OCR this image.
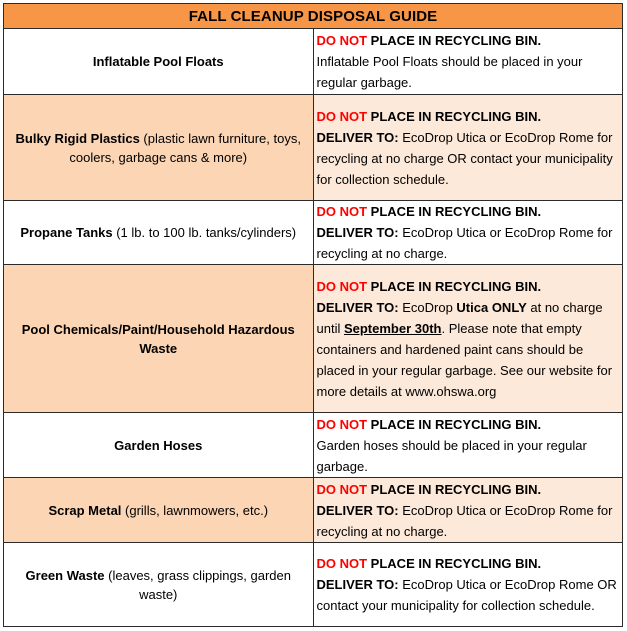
FALL CLEANUP DISPOSAL GUIDE	
Inflatable Pool Floats	DO NOT PLACE IN RECYCLING BIN.
Inflatable Pool Floats should be placed in your regular garbage.
Bulky Rigid Plastics (plastic lawn furniture, toys, coolers, garbage cans & more)	DO NOT PLACE IN RECYCLING BIN.
DELIVER TO: EcoDrop Utica or EcoDrop Rome for recycling at no charge OR contact your municipality for collection schedule.
Propane Tanks (1 lb. to 100 lb. tanks/cylinders)	DO NOT PLACE IN RECYCLING BIN.
DELIVER TO: EcoDrop Utica or EcoDrop Rome for recycling at no charge.
Pool Chemicals/Paint/Household Hazardous Waste	DO NOT PLACE IN RECYCLING BIN.
DELIVER TO: EcoDrop Utica ONLY at no charge until September 30th. Please note that empty containers and hardened paint cans should be placed in your regular garbage. See our website for more details at www.ohswa.org
Garden Hoses	DO NOT PLACE IN RECYCLING BIN.
Garden hoses should be placed in your regular garbage.
Scrap Metal (grills, lawnmowers, etc.)	DO NOT PLACE IN RECYCLING BIN.
DELIVER TO: EcoDrop Utica or EcoDrop Rome for recycling at no charge.
Green Waste (leaves, grass clippings, garden waste)	DO NOT PLACE IN RECYCLING BIN.
DELIVER TO: EcoDrop Utica or EcoDrop Rome OR contact your municipality for collection schedule.
